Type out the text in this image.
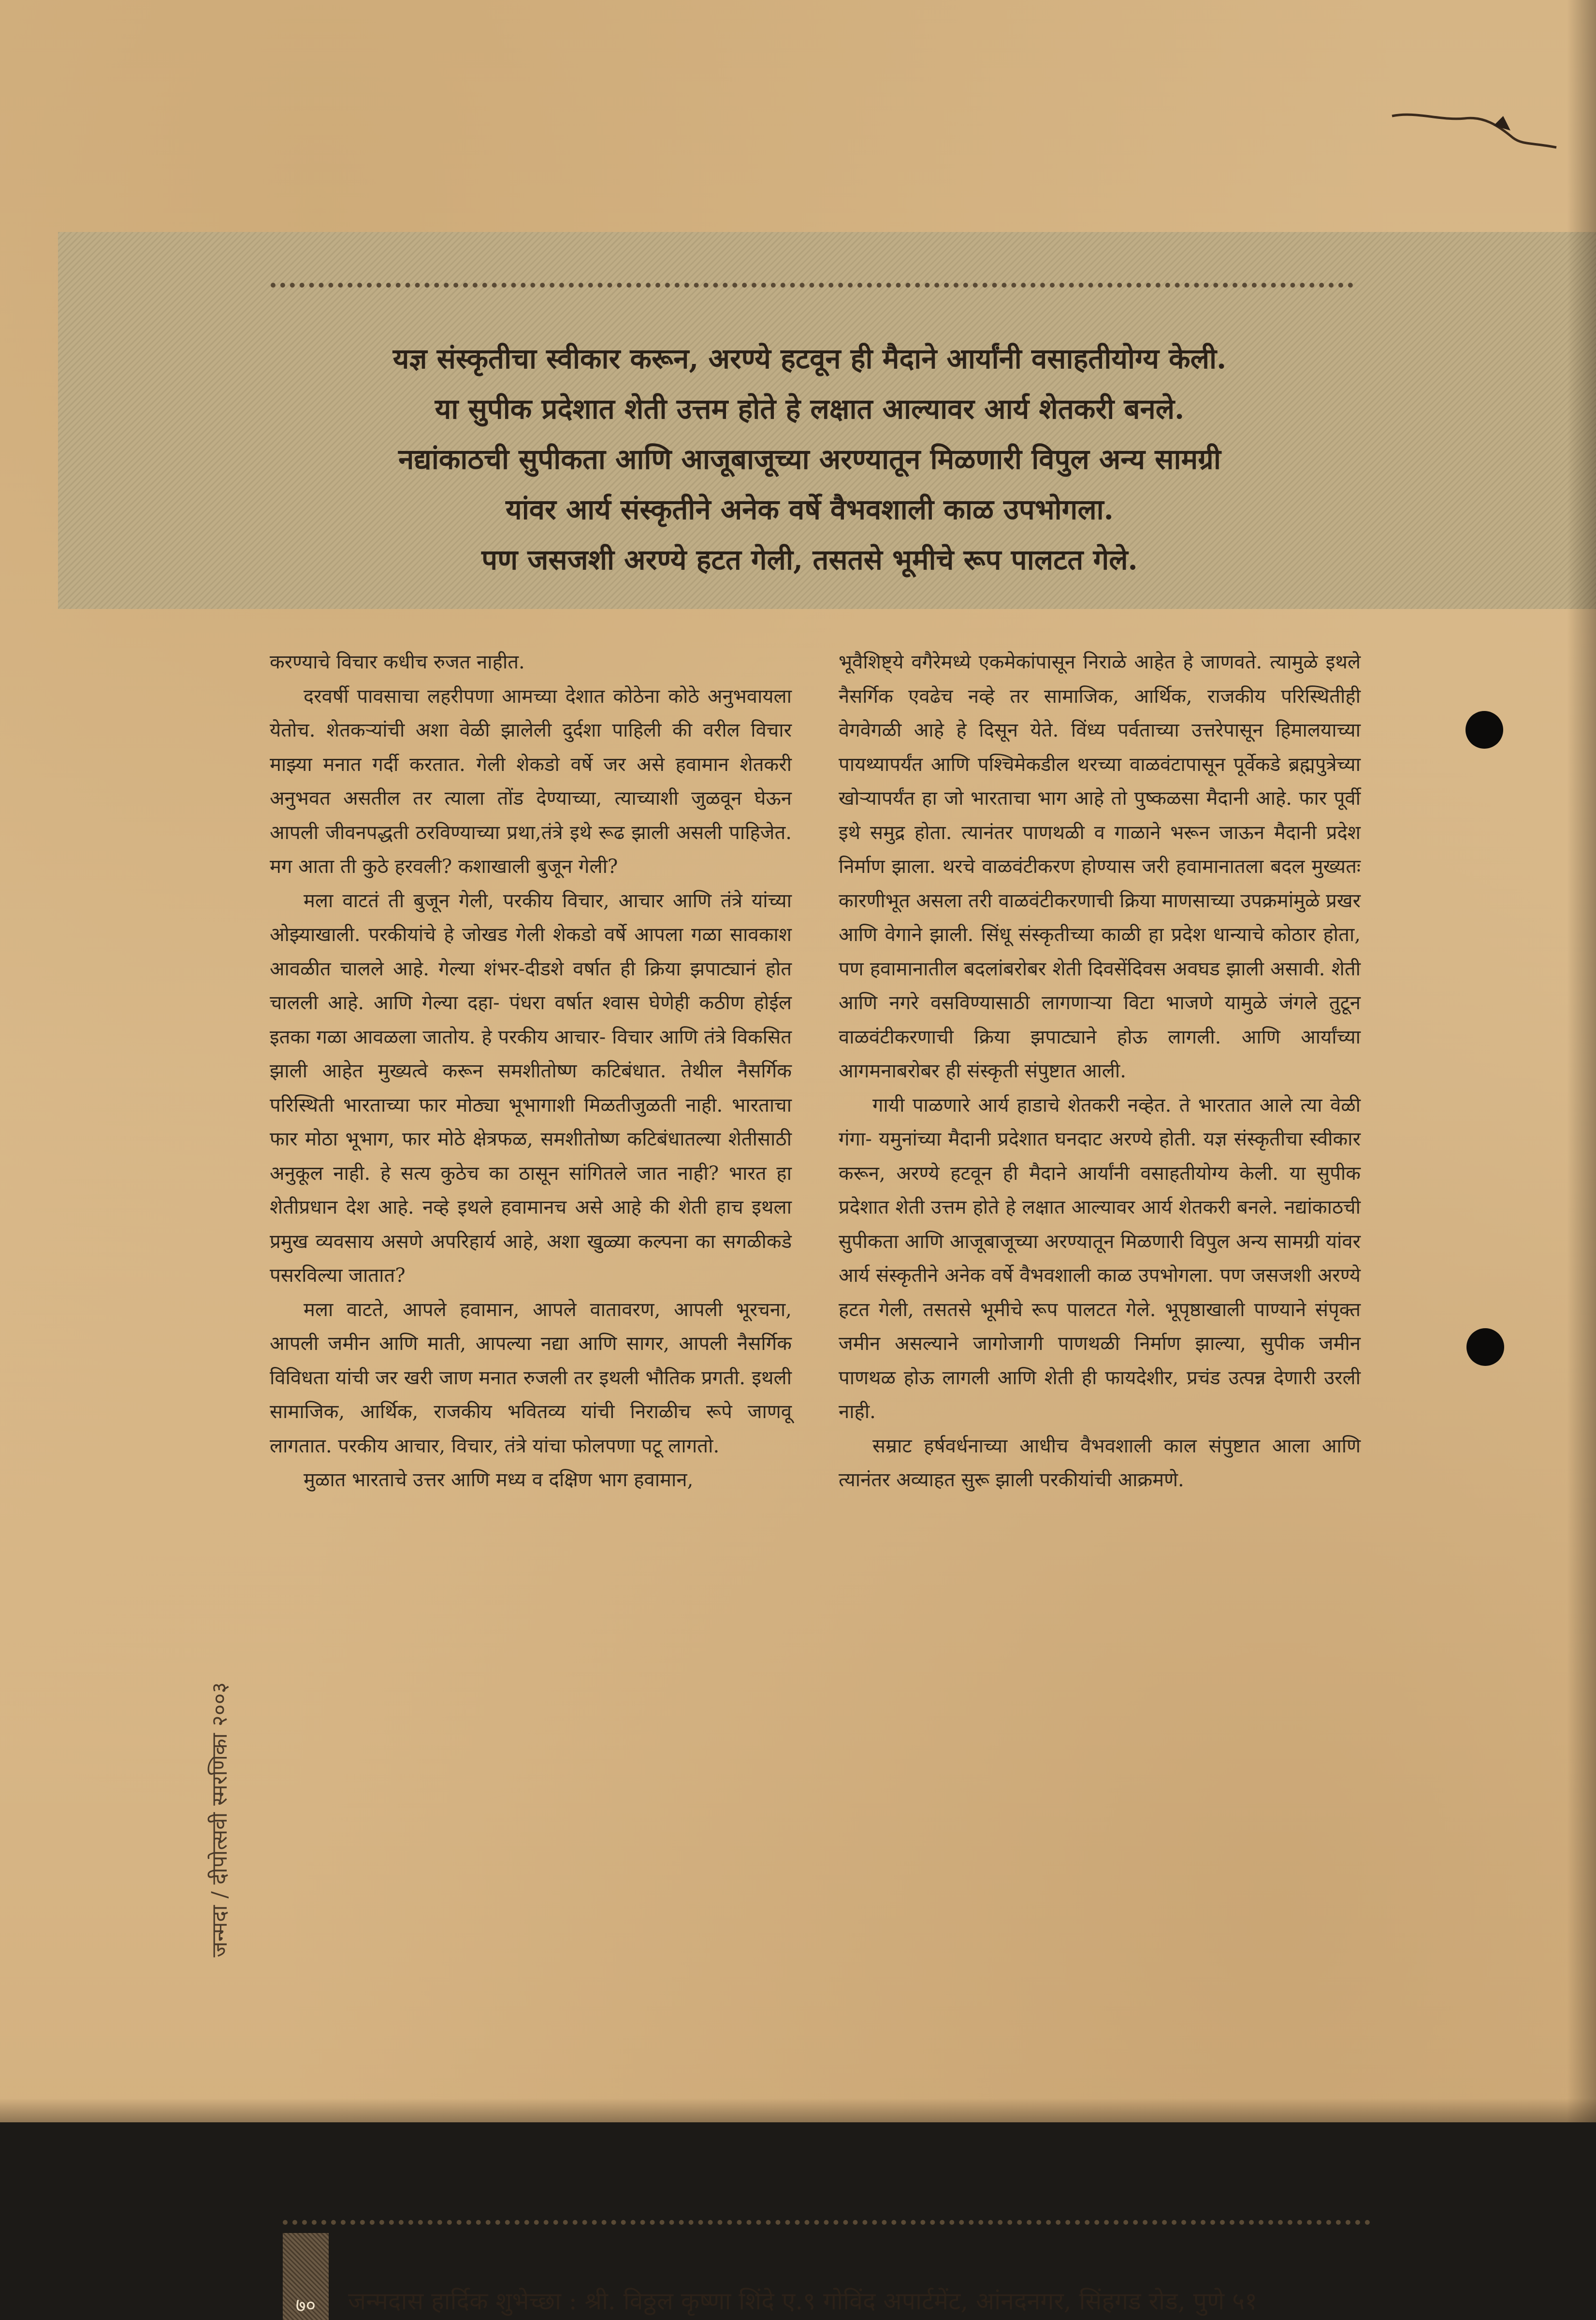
यज्ञ संस्कृतीचा स्वीकार करून, अरण्ये हटवून ही मैदाने आर्यांनी वसाहतीयोग्य केली.
या सुपीक प्रदेशात शेती उत्तम होते हे लक्षात आल्यावर आर्य शेतकरी बनले.
नद्यांकाठची सुपीकता आणि आजूबाजूच्या अरण्यातून मिळणारी विपुल अन्य सामग्री
यांवर आर्य संस्कृतीने अनेक वर्षे वैभवशाली काळ उपभोगला.
पण जसजशी अरण्ये हटत गेली, तसतसे भूमीचे रूप पालटत गेले.

करण्याचे विचार कधीच रुजत नाहीत.

दरवर्षी पावसाचा लहरीपणा आमच्या देशात कोठेना कोठे अनुभवायला येतोच. शेतकऱ्यांची अशा वेळी झालेली दुर्दशा पाहिली की वरील विचार माझ्या मनात गर्दी करतात. गेली शेकडो वर्षे जर असे हवामान शेतकरी अनुभवत असतील तर त्याला तोंड देण्याच्या, त्याच्याशी जुळवून घेऊन आपली जीवनपद्धती ठरविण्याच्या प्रथा,तंत्रे इथे रूढ झाली असली पाहिजेत. मग आता ती कुठे हरवली? कशाखाली बुजून गेली?

मला वाटतं ती बुजून गेली, परकीय विचार, आचार आणि तंत्रे यांच्या ओझ्याखाली. परकीयांचे हे जोखड गेली शेकडो वर्षे आपला गळा सावकाश आवळीत चालले आहे. गेल्या शंभर-दीडशे वर्षात ही क्रिया झपाट्यानं होत चालली आहे. आणि गेल्या दहा- पंधरा वर्षात श्वास घेणेही कठीण होईल इतका गळा आवळला जातोय. हे परकीय आचार- विचार आणि तंत्रे विकसित झाली आहेत मुख्यत्वे करून समशीतोष्ण कटिबंधात. तेथील नैसर्गिक परिस्थिती भारताच्या फार मोठ्या भूभागाशी मिळतीजुळती नाही. भारताचा फार मोठा भूभाग, फार मोठे क्षेत्रफळ, समशीतोष्ण कटिबंधातल्या शेतीसाठी अनुकूल नाही. हे सत्य कुठेच का ठासून सांगितले जात नाही? भारत हा शेतीप्रधान देश आहे. नव्हे इथले हवामानच असे आहे की शेती हाच इथला प्रमुख व्यवसाय असणे अपरिहार्य आहे, अशा खुळ्या कल्पना का सगळीकडे पसरविल्या जातात?

मला वाटते, आपले हवामान, आपले वातावरण, आपली भूरचना, आपली जमीन आणि माती, आपल्या नद्या आणि सागर, आपली नैसर्गिक विविधता यांची जर खरी जाण मनात रुजली तर इथली भौतिक प्रगती. इथली सामाजिक, आर्थिक, राजकीय भवितव्य यांची निराळीच रूपे जाणवू लागतात. परकीय आचार, विचार, तंत्रे यांचा फोलपणा पटू लागतो.

मुळात भारताचे उत्तर आणि मध्य व दक्षिण भाग हवामान,

भूवैशिष्ट्ये वगैरेमध्ये एकमेकांपासून निराळे आहेत हे जाणवते. त्यामुळे इथले नैसर्गिक एवढेच नव्हे तर सामाजिक, आर्थिक, राजकीय परिस्थितीही वेगवेगळी आहे हे दिसून येते. विंध्य पर्वताच्या उत्तरेपासून हिमालयाच्या पायथ्यापर्यंत आणि पश्चिमेकडील थरच्या वाळवंटापासून पूर्वेकडे ब्रह्मपुत्रेच्या खोऱ्यापर्यंत हा जो भारताचा भाग आहे तो पुष्कळसा मैदानी आहे. फार पूर्वी इथे समुद्र होता. त्यानंतर पाणथळी व गाळाने भरून जाऊन मैदानी प्रदेश निर्माण झाला. थरचे वाळवंटीकरण होण्यास जरी हवामानातला बदल मुख्यतः कारणीभूत असला तरी वाळवंटीकरणाची क्रिया माणसाच्या उपक्रमांमुळे प्रखर आणि वेगाने झाली. सिंधू संस्कृतीच्या काळी हा प्रदेश धान्याचे कोठार होता, पण हवामानातील बदलांबरोबर शेती दिवसेंदिवस अवघड झाली असावी. शेती आणि नगरे वसविण्यासाठी लागणाऱ्या विटा भाजणे यामुळे जंगले तुटून वाळवंटीकरणाची क्रिया झपाट्याने होऊ लागली. आणि आर्यांच्या आगमनाबरोबर ही संस्कृती संपुष्टात आली.

गायी पाळणारे आर्य हाडाचे शेतकरी नव्हेत. ते भारतात आले त्या वेळी गंगा- यमुनांच्या मैदानी प्रदेशात घनदाट अरण्ये होती. यज्ञ संस्कृतीचा स्वीकार करून, अरण्ये हटवून ही मैदाने आर्यांनी वसाहतीयोग्य केली. या सुपीक प्रदेशात शेती उत्तम होते हे लक्षात आल्यावर आर्य शेतकरी बनले. नद्यांकाठची सुपीकता आणि आजूबाजूच्या अरण्यातून मिळणारी विपुल अन्य सामग्री यांवर आर्य संस्कृतीने अनेक वर्षे वैभवशाली काळ उपभोगला. पण जसजशी अरण्ये हटत गेली, तसतसे भूमीचे रूप पालटत गेले. भूपृष्ठाखाली पाण्याने संपृक्त जमीन असल्याने जागोजागी पाणथळी निर्माण झाल्या, सुपीक जमीन पाणथळ होऊ लागली आणि शेती ही फायदेशीर, प्रचंड उत्पन्न देणारी उरली नाही.

सम्राट हर्षवर्धनाच्या आधीच वैभवशाली काल संपुष्टात आला आणि त्यानंतर अव्याहत सुरू झाली परकीयांची आक्रमणे.

जन्मदा / दीपोत्सवी स्मरणिका २००३
७०	जन्मदास हार्दिक शुभेच्छा : श्री. विठ्ठल कृष्णा शिंदे ए.९ गोविंद अपार्टमेंट, आंनदनगर, सिंहगड रोड, पुणे ५१
